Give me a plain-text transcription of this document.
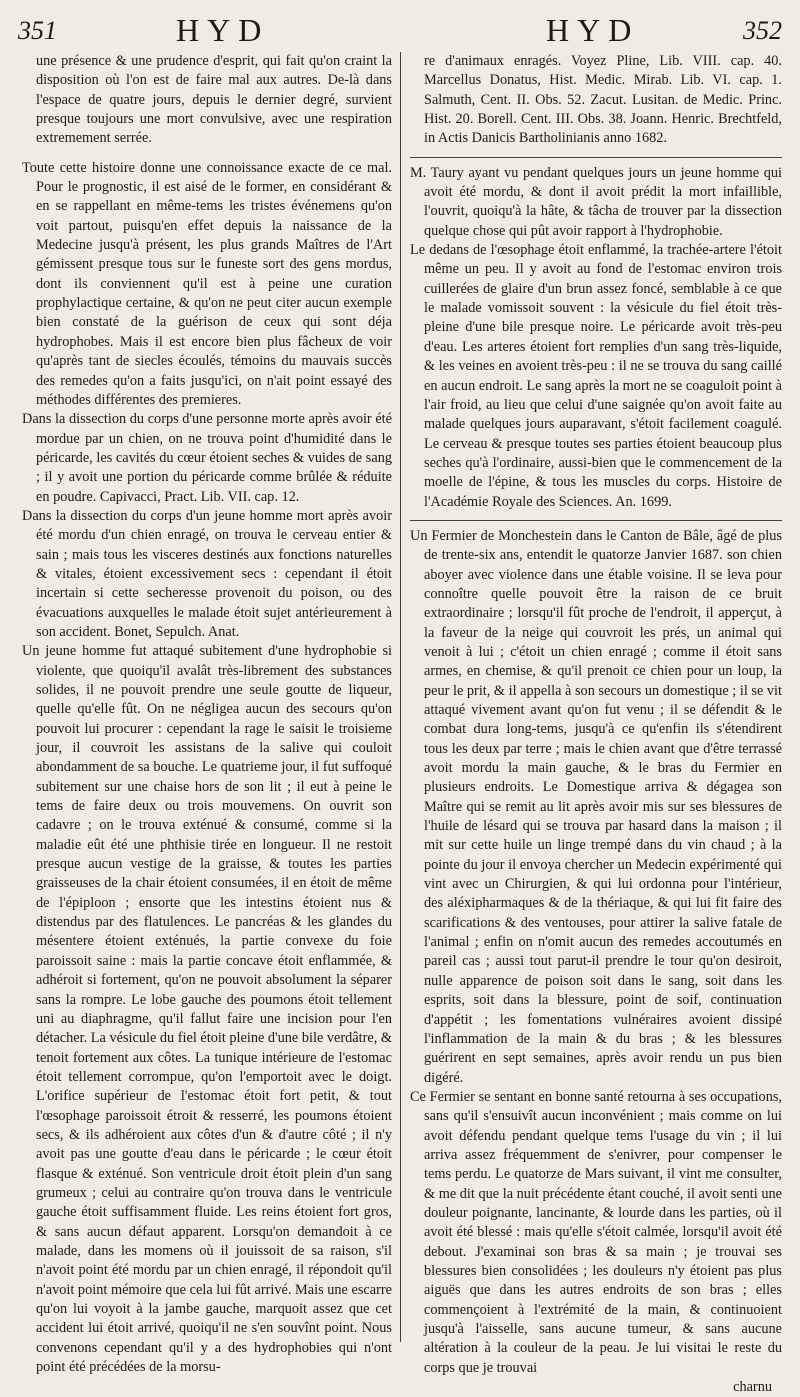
351	HYD	HYD	352

une présence & une prudence d'esprit, qui fait qu'on craint la disposition où l'on est de faire mal aux autres. De-là dans l'espace de quatre jours, depuis le dernier degré, survient presque toujours une mort convulsive, avec une respiration extremement serrée.

Toute cette histoire donne une connoissance exacte de ce mal. Pour le prognostic, il est aisé de le former, en considérant & en se rappellant en même-tems les tristes événemens qu'on voit partout, puisqu'en effet depuis la naissance de la Medecine jusqu'à présent, les plus grands Maîtres de l'Art gémissent presque tous sur le funeste sort des gens mordus, dont ils conviennent qu'il est à peine une curation prophylactique certaine, & qu'on ne peut citer aucun exemple bien constaté de la guérison de ceux qui sont déja hydrophobes. Mais il est encore bien plus fâcheux de voir qu'après tant de siecles écoulés, témoins du mauvais succès des remedes qu'on a faits jusqu'ici, on n'ait point essayé des méthodes différentes des premieres.

Dans la dissection du corps d'une personne morte après avoir été mordue par un chien, on ne trouva point d'humidité dans le péricarde, les cavités du cœur étoient seches & vuides de sang ; il y avoit une portion du péricarde comme brûlée & réduite en poudre. Capivacci, Pract. Lib. VII. cap. 12.

Dans la dissection du corps d'un jeune homme mort après avoir été mordu d'un chien enragé, on trouva le cerveau entier & sain ; mais tous les visceres destinés aux fonctions naturelles & vitales, étoient excessivement secs : cependant il étoit incertain si cette secheresse provenoit du poison, ou des évacuations auxquelles le malade étoit sujet antérieurement à son accident. Bonet, Sepulch. Anat.

Un jeune homme fut attaqué subitement d'une hydrophobie si violente, que quoiqu'il avalât très-librement des substances solides, il ne pouvoit prendre une seule goutte de liqueur, quelle qu'elle fût. On ne négligea aucun des secours qu'on pouvoit lui procurer : cependant la rage le saisit le troisieme jour, il couvroit les assistans de la salive qui couloit abondamment de sa bouche. Le quatrieme jour, il fut suffoqué subitement sur une chaise hors de son lit ; il eut à peine le tems de faire deux ou trois mouvemens. On ouvrit son cadavre ; on le trouva exténué & consumé, comme si la maladie eût été une phthisie tirée en longueur. Il ne restoit presque aucun vestige de la graisse, & toutes les parties graisseuses de la chair étoient consumées, il en étoit de même de l'épiploon ; ensorte que les intestins étoient nus & distendus par des flatulences. Le pancréas & les glandes du mésentere étoient exténués, la partie convexe du foie paroissoit saine : mais la partie concave étoit enflammée, & adhéroit si fortement, qu'on ne pouvoit absolument la séparer sans la rompre. Le lobe gauche des poumons étoit tellement uni au diaphragme, qu'il fallut faire une incision pour l'en détacher. La vésicule du fiel étoit pleine d'une bile verdâtre, & tenoit fortement aux côtes. La tunique intérieure de l'estomac étoit tellement corrompue, qu'on l'emportoit avec le doigt. L'orifice supérieur de l'estomac étoit fort petit, & tout l'œsophage paroissoit étroit & resserré, les poumons étoient secs, & ils adhéroient aux côtes d'un & d'autre côté ; il n'y avoit pas une goutte d'eau dans le péricarde ; le cœur étoit flasque & exténué. Son ventricule droit étoit plein d'un sang grumeux ; celui au contraire qu'on trouva dans le ventricule gauche étoit suffisamment fluide. Les reins étoient fort gros, & sans aucun défaut apparent. Lorsqu'on demandoit à ce malade, dans les momens où il jouissoit de sa raison, s'il n'avoit point été mordu par un chien enragé, il répondoit qu'il n'avoit point mémoire que cela lui fût arrivé. Mais une escarre qu'on lui voyoit à la jambe gauche, marquoit assez que cet accident lui étoit arrivé, quoiqu'il ne s'en souvînt point. Nous convenons cependant qu'il y a des hydrophobies qui n'ont point été précédées de la morsu-

re d'animaux enragés. Voyez Pline, Lib. VIII. cap. 40. Marcellus Donatus, Hist. Medic. Mirab. Lib. VI. cap. 1. Salmuth, Cent. II. Obs. 52. Zacut. Lusitan. de Medic. Princ. Hist. 20. Borell. Cent. III. Obs. 38. Joann. Henric. Brechtfeld, in Actis Danicis Bartholinianis anno 1682.

M. Taury ayant vu pendant quelques jours un jeune homme qui avoit été mordu, & dont il avoit prédit la mort infaillible, l'ouvrit, quoiqu'à la hâte, & tâcha de trouver par la dissection quelque chose qui pût avoir rapport à l'hydrophobie.

Le dedans de l'œsophage étoit enflammé, la trachée-artere l'étoit même un peu. Il y avoit au fond de l'estomac environ trois cuillerées de glaire d'un brun assez foncé, semblable à ce que le malade vomissoit souvent : la vésicule du fiel étoit très-pleine d'une bile presque noire. Le péricarde avoit très-peu d'eau. Les arteres étoient fort remplies d'un sang très-liquide, & les veines en avoient très-peu : il ne se trouva du sang caillé en aucun endroit. Le sang après la mort ne se coaguloit point à l'air froid, au lieu que celui d'une saignée qu'on avoit faite au malade quelques jours auparavant, s'étoit facilement coagulé. Le cerveau & presque toutes ses parties étoient beaucoup plus seches qu'à l'ordinaire, aussi-bien que le commencement de la moelle de l'épine, & tous les muscles du corps. Histoire de l'Académie Royale des Sciences. An. 1699.

Un Fermier de Monchestein dans le Canton de Bâle, âgé de plus de trente-six ans, entendit le quatorze Janvier 1687. son chien aboyer avec violence dans une étable voisine. Il se leva pour connoître quelle pouvoit être la raison de ce bruit extraordinaire ; lorsqu'il fût proche de l'endroit, il apperçut, à la faveur de la neige qui couvroit les prés, un animal qui venoit à lui ; c'étoit un chien enragé ; comme il étoit sans armes, en chemise, & qu'il prenoit ce chien pour un loup, la peur le prit, & il appella à son secours un domestique ; il se vit attaqué vivement avant qu'on fut venu ; il se défendit & le combat dura long-tems, jusqu'à ce qu'enfin ils s'étendirent tous les deux par terre ; mais le chien avant que d'être terrassé avoit mordu la main gauche, & le bras du Fermier en plusieurs endroits. Le Domestique arriva & dégagea son Maître qui se remit au lit après avoir mis sur ses blessures de l'huile de lésard qui se trouva par hasard dans la maison ; il mit sur cette huile un linge trempé dans du vin chaud ; à la pointe du jour il envoya chercher un Medecin expérimenté qui vint avec un Chirurgien, & qui lui ordonna pour l'intérieur, des aléxipharmaques & de la thériaque, & qui lui fit faire des scarifications & des ventouses, pour attirer la salive fatale de l'animal ; enfin on n'omit aucun des remedes accoutumés en pareil cas ; aussi tout parut-il prendre le tour qu'on desiroit, nulle apparence de poison soit dans le sang, soit dans les esprits, soit dans la blessure, point de soif, continuation d'appétit ; les fomentations vulnéraires avoient dissipé l'inflammation de la main & du bras ; & les blessures guérirent en sept semaines, après avoir rendu un pus bien digéré.

Ce Fermier se sentant en bonne santé retourna à ses occupations, sans qu'il s'ensuivît aucun inconvénient ; mais comme on lui avoit défendu pendant quelque tems l'usage du vin ; il lui arriva assez fréquemment de s'enivrer, pour compenser le tems perdu. Le quatorze de Mars suivant, il vint me consulter, & me dit que la nuit précédente étant couché, il avoit senti une douleur poignante, lancinante, & lourde dans les parties, où il avoit été blessé : mais qu'elle s'étoit calmée, lorsqu'il avoit été debout. J'examinai son bras & sa main ; je trouvai ses blessures bien consolidées ; les douleurs n'y étoient pas plus aiguës que dans les autres endroits de son bras ; elles commençoient à l'extrémité de la main, & continuoient jusqu'à l'aisselle, sans aucune tumeur, & sans aucune altération à la couleur de la peau. Je lui visitai le reste du corps que je trouvai

charnu
